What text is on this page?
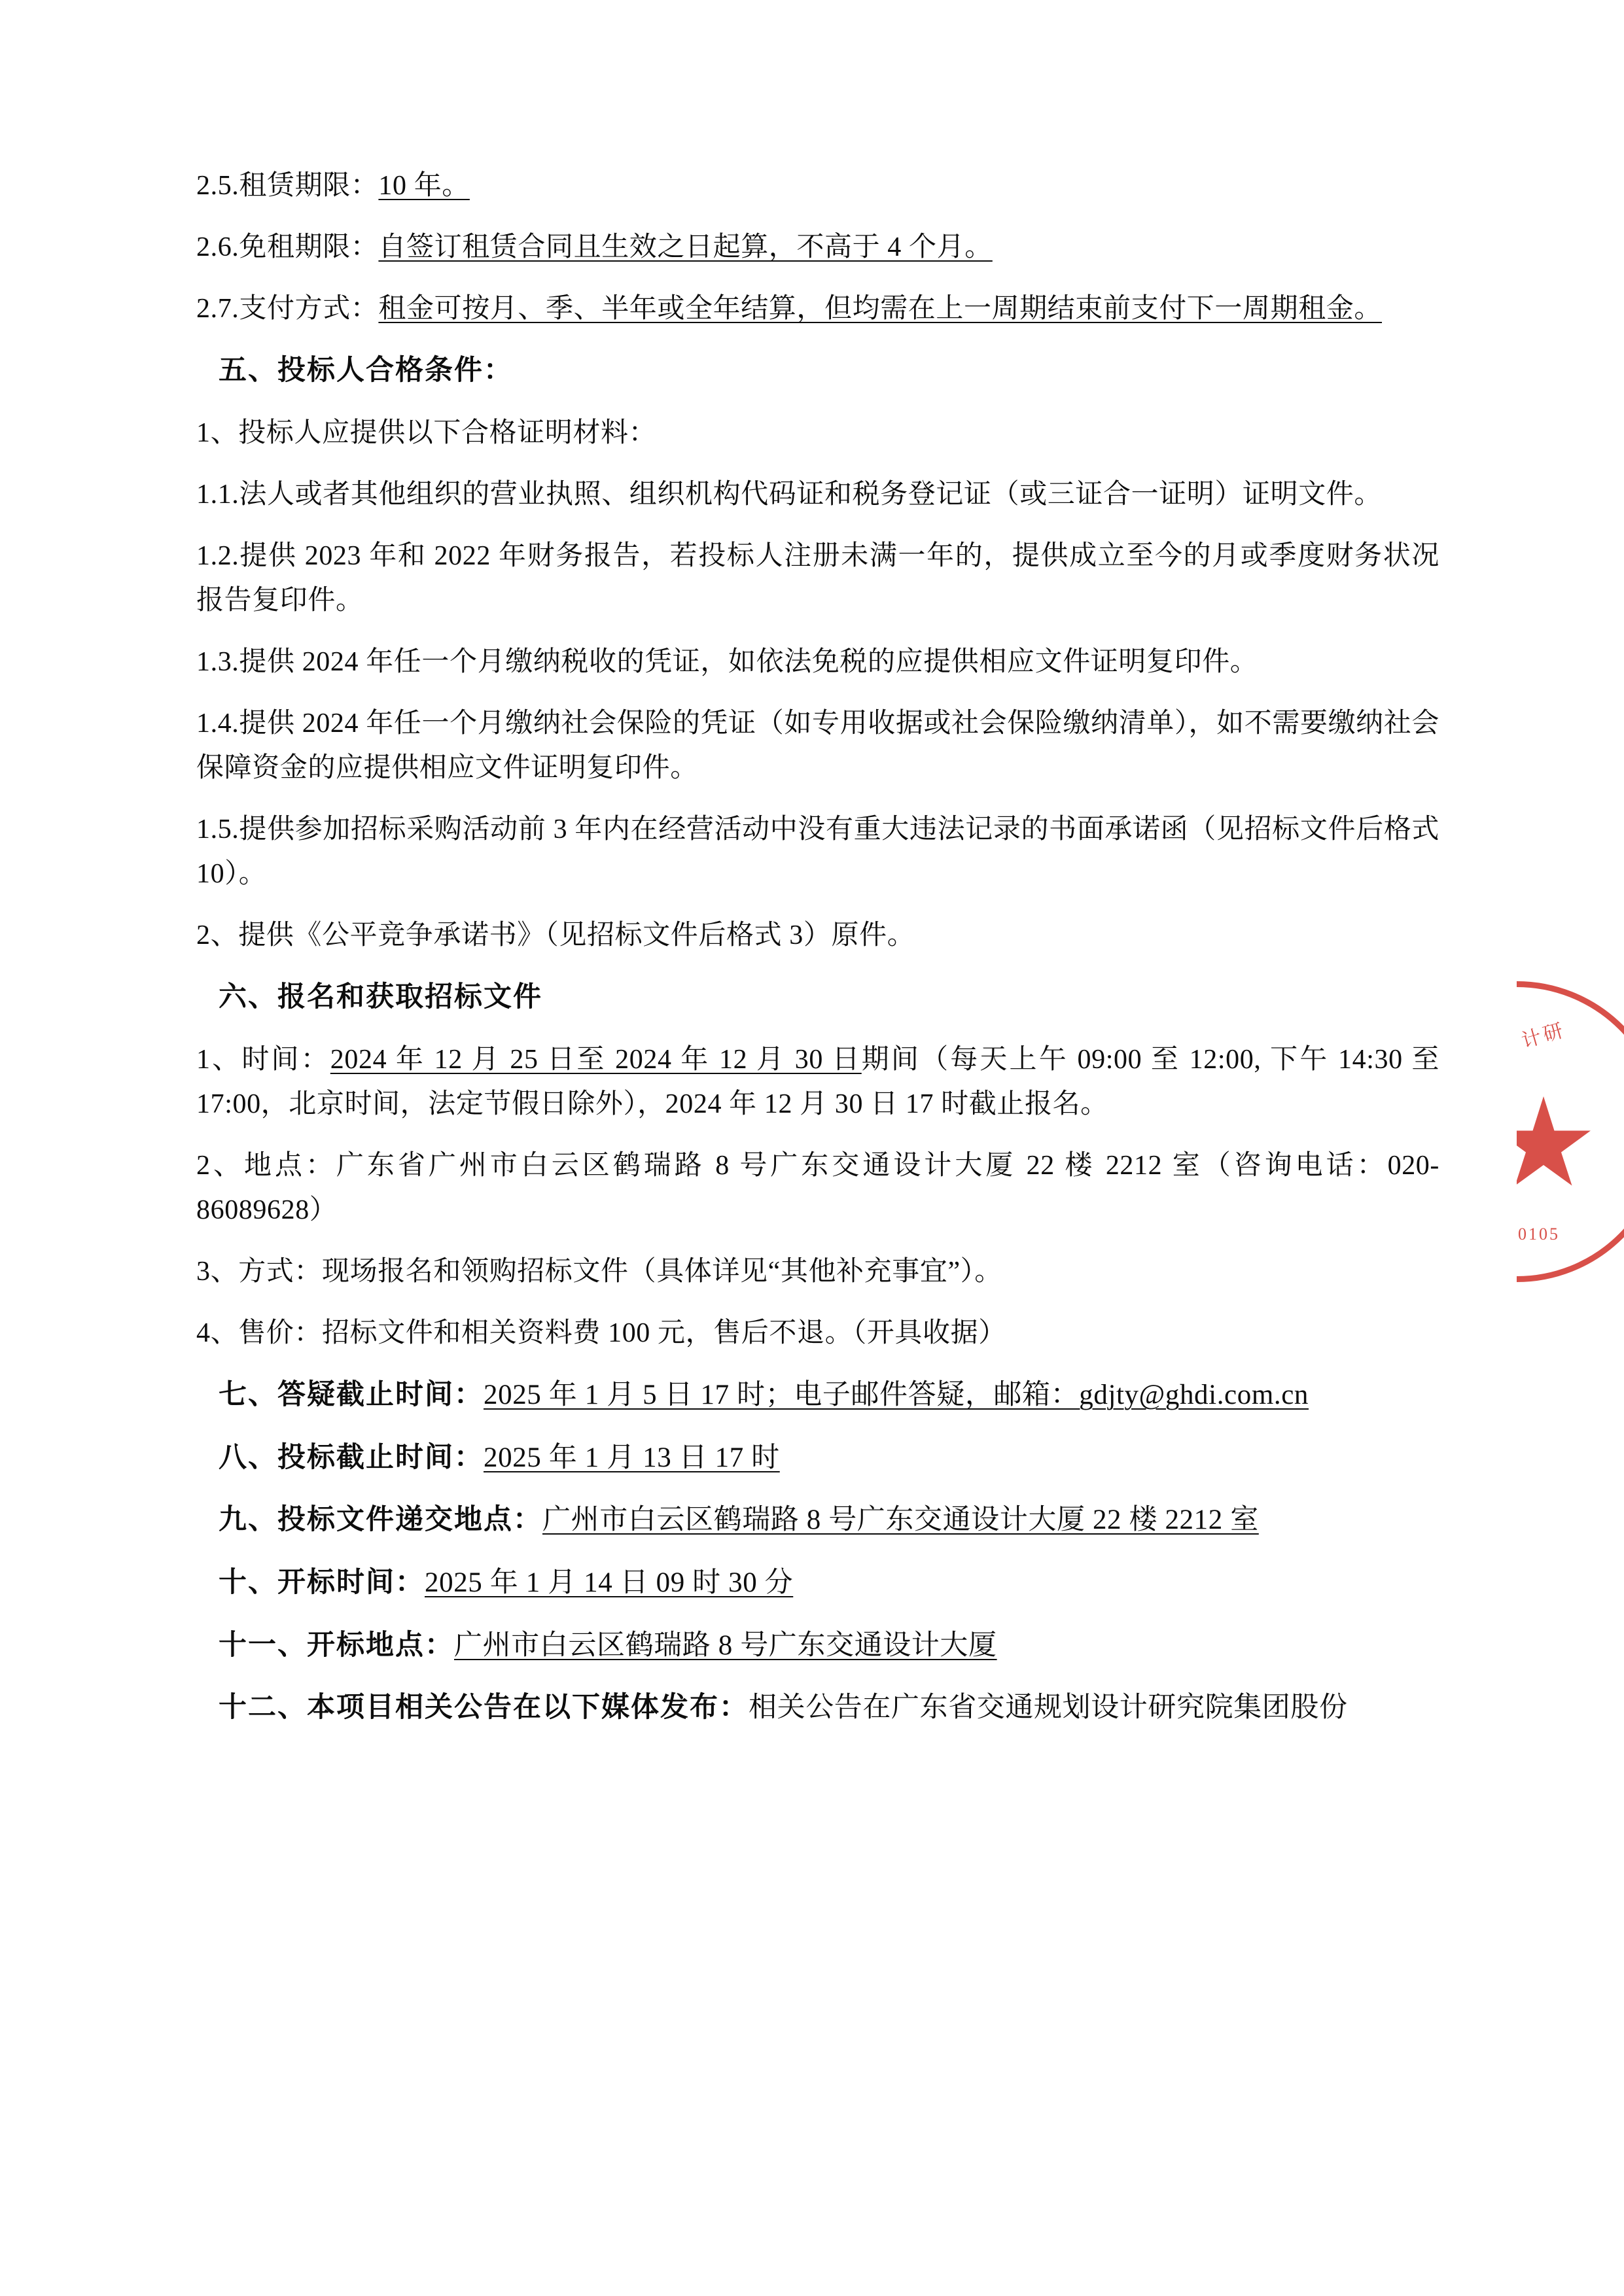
2.5.租赁期限：10 年。

2.6.免租期限：自签订租赁合同且生效之日起算，不高于 4 个月。

2.7.支付方式：租金可按月、季、半年或全年结算，但均需在上一周期结束前支付下一周期租金。

五、投标人合格条件：

1、投标人应提供以下合格证明材料：

1.1.法人或者其他组织的营业执照、组织机构代码证和税务登记证（或三证合一证明）证明文件。

1.2.提供 2023 年和 2022 年财务报告，若投标人注册未满一年的，提供成立至今的月或季度财务状况报告复印件。

1.3.提供 2024 年任一个月缴纳税收的凭证，如依法免税的应提供相应文件证明复印件。

1.4.提供 2024 年任一个月缴纳社会保险的凭证（如专用收据或社会保险缴纳清单），如不需要缴纳社会保障资金的应提供相应文件证明复印件。

1.5.提供参加招标采购活动前 3 年内在经营活动中没有重大违法记录的书面承诺函（见招标文件后格式 10）。

2、提供《公平竞争承诺书》（见招标文件后格式 3）原件。

六、报名和获取招标文件

1、时间：2024 年 12 月 25 日至 2024 年 12 月 30 日期间（每天上午 09:00 至 12:00, 下午 14:30 至 17:00，北京时间，法定节假日除外），2024 年 12 月 30 日 17 时截止报名。

2、地点：广东省广州市白云区鹤瑞路 8 号广东交通设计大厦 22 楼 2212 室（咨询电话：020-86089628）

3、方式：现场报名和领购招标文件（具体详见“其他补充事宜”）。

4、售价：招标文件和相关资料费 100 元，售后不退。（开具收据）

七、答疑截止时间：2025 年 1 月 5 日 17 时；电子邮件答疑，邮箱：gdjty@ghdi.com.cn

八、投标截止时间：2025 年 1 月 13 日 17 时

九、投标文件递交地点：广州市白云区鹤瑞路 8 号广东交通设计大厦 22 楼 2212 室

十、开标时间：2025 年 1 月 14 日 09 时 30 分

十一、开标地点：广州市白云区鹤瑞路 8 号广东交通设计大厦

十二、本项目相关公告在以下媒体发布：相关公告在广东省交通规划设计研究院集团股份

计研
0105
